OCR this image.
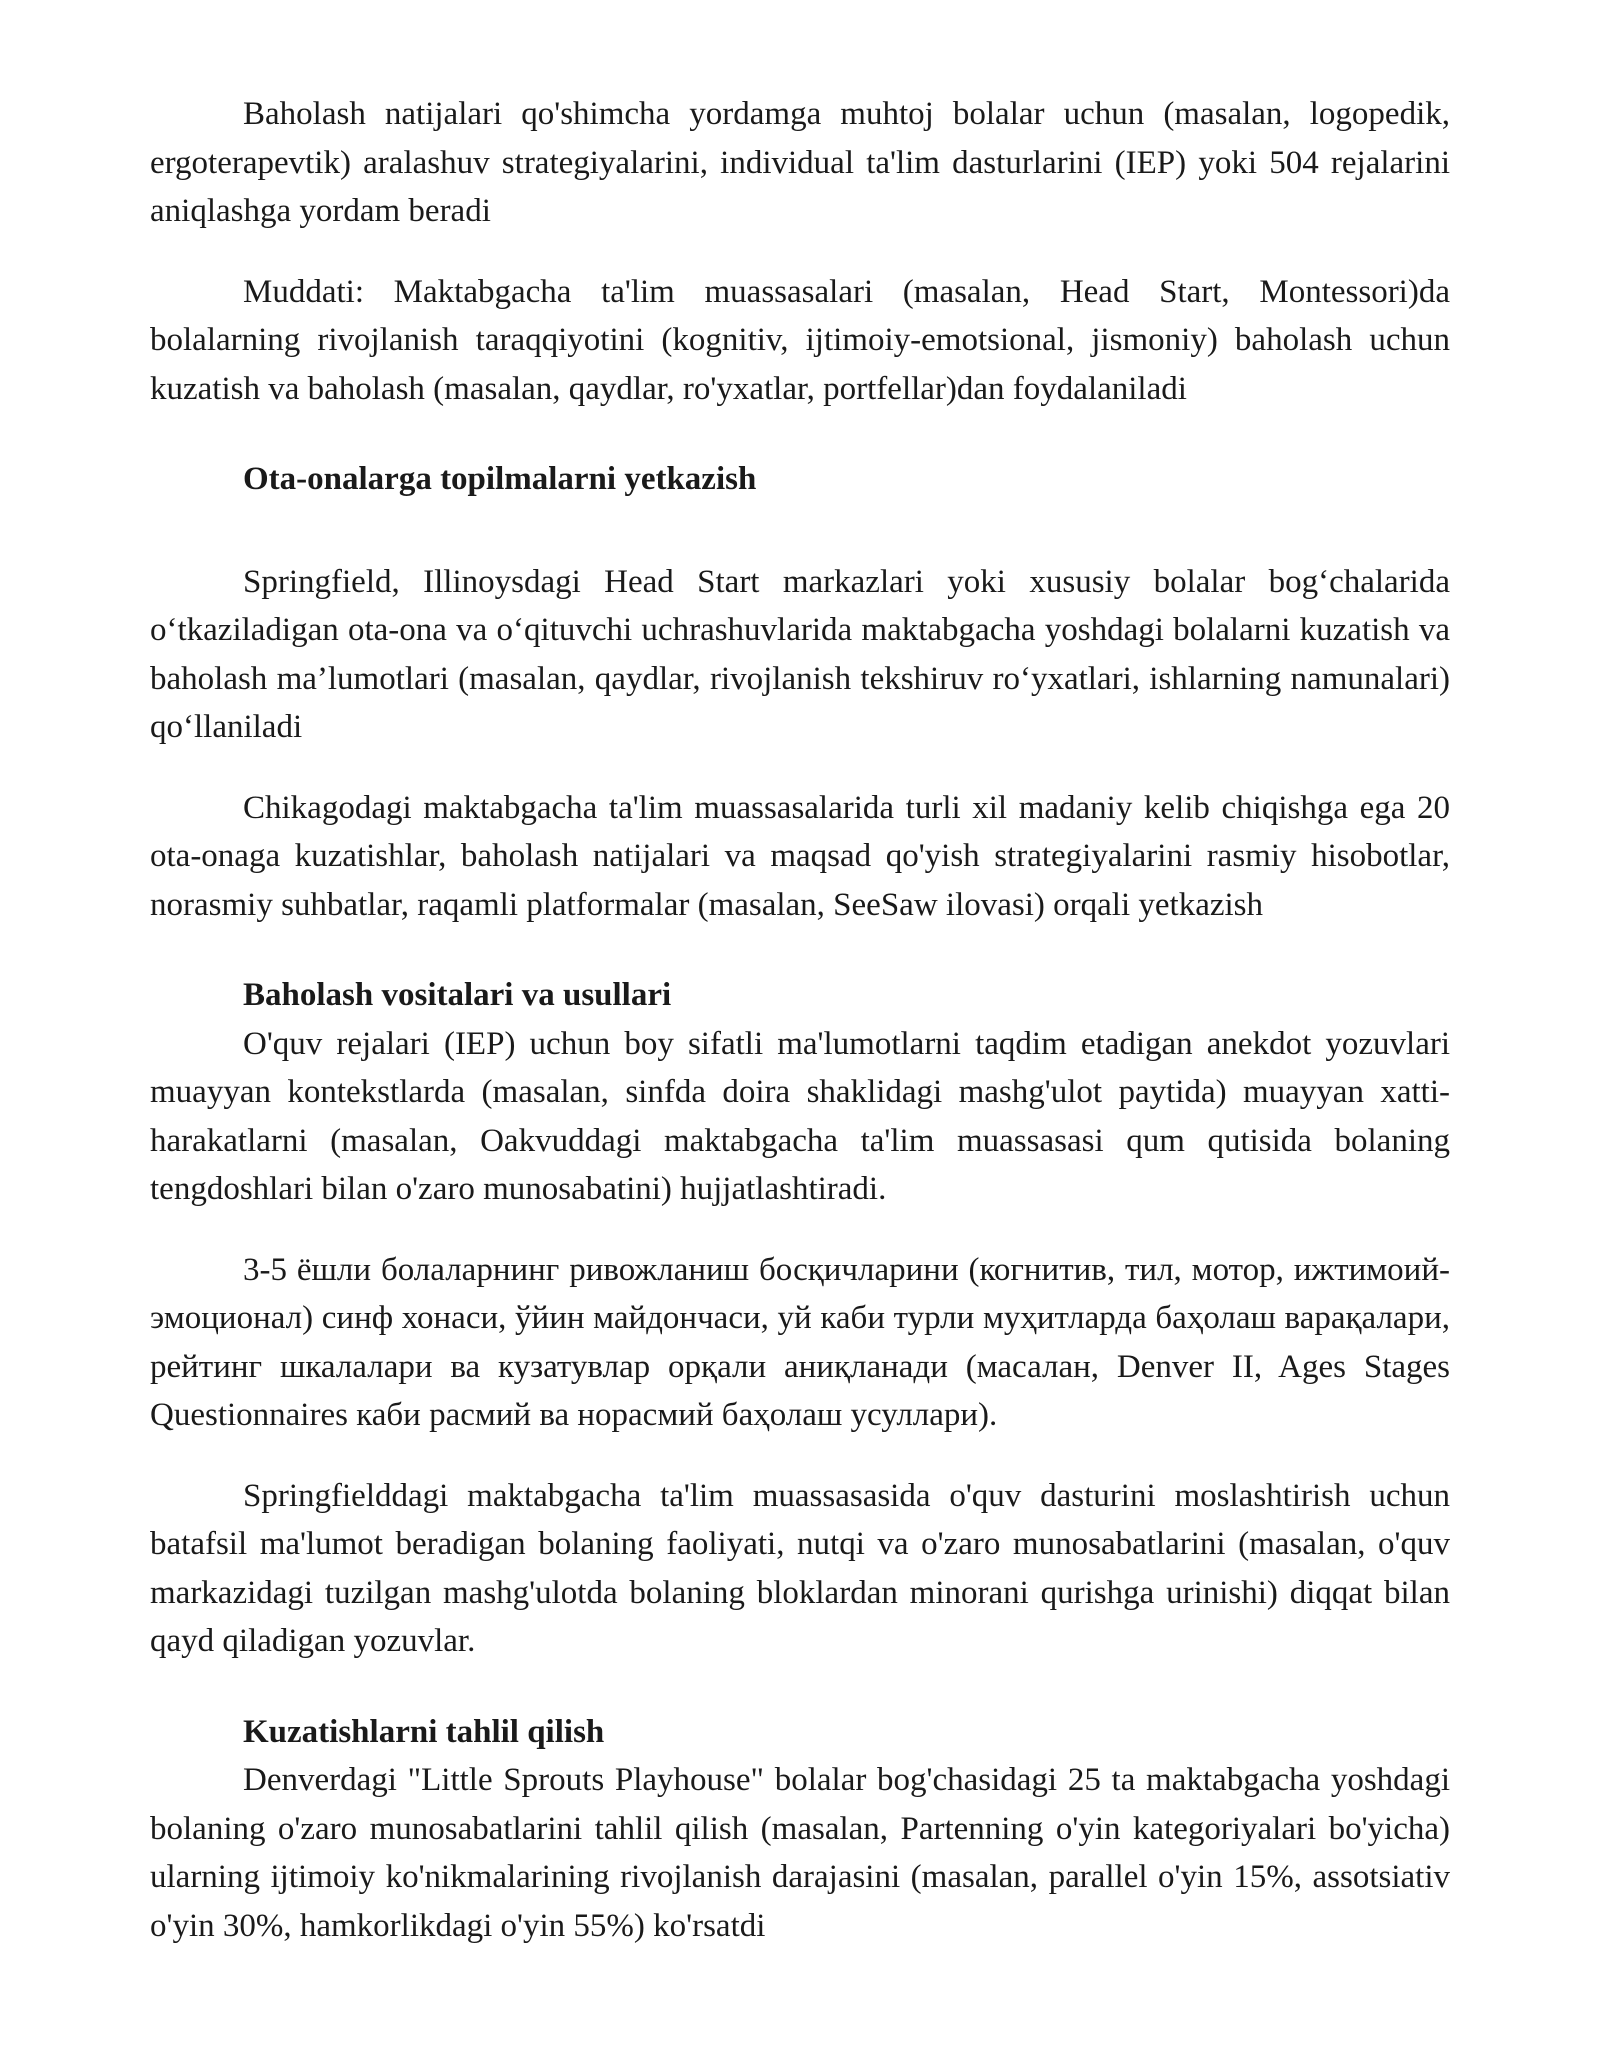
Baholash natijalari qo'shimcha yordamga muhtoj bolalar uchun (masalan, logopedik, ergoterapevtik) aralashuv strategiyalarini, individual ta'lim dasturlarini (IEP) yoki 504 rejalarini aniqlashga yordam beradi

Muddati: Maktabgacha ta'lim muassasalari (masalan, Head Start, Montessori)da bolalarning rivojlanish taraqqiyotini (kognitiv, ijtimoiy-emotsional, jismoniy) baholash uchun kuzatish va baholash (masalan, qaydlar, ro'yxatlar, portfellar)dan foydalaniladi

Ota-onalarga topilmalarni yetkazish

Springfield, Illinoysdagi Head Start markazlari yoki xususiy bolalar bog‘chalarida o‘tkaziladigan ota-ona va o‘qituvchi uchrashuvlarida maktabgacha yoshdagi bolalarni kuzatish va baholash ma’lumotlari (masalan, qaydlar, rivojlanish tekshiruv ro‘yxatlari, ishlarning namunalari) qo‘llaniladi

Chikagodagi maktabgacha ta'lim muassasalarida turli xil madaniy kelib chiqishga ega 20 ota-onaga kuzatishlar, baholash natijalari va maqsad qo'yish strategiyalarini rasmiy hisobotlar, norasmiy suhbatlar, raqamli platformalar (masalan, SeeSaw ilovasi) orqali yetkazish

Baholash vositalari va usullari

O'quv rejalari (IEP) uchun boy sifatli ma'lumotlarni taqdim etadigan anekdot yozuvlari muayyan kontekstlarda (masalan, sinfda doira shaklidagi mashg'ulot paytida) muayyan xatti-harakatlarni (masalan, Oakvuddagi maktabgacha ta'lim muassasasi qum qutisida bolaning tengdoshlari bilan o'zaro munosabatini) hujjatlashtiradi.

3-5 ёшли болаларнинг ривожланиш босқичларини (когнитив, тил, мотор, ижтимоий-эмоционал) синф хонаси, ўйин майдончаси, уй каби турли муҳитларда баҳолаш варақалари, рейтинг шкалалари ва кузатувлар орқали аниқланади (масалан, Denver II, Ages Stages Questionnaires каби расмий ва норасмий баҳолаш усуллари).

Springfielddagi maktabgacha ta'lim muassasasida o'quv dasturini moslashtirish uchun batafsil ma'lumot beradigan bolaning faoliyati, nutqi va o'zaro munosabatlarini (masalan, o'quv markazidagi tuzilgan mashg'ulotda bolaning bloklardan minorani qurishga urinishi) diqqat bilan qayd qiladigan yozuvlar.

Kuzatishlarni tahlil qilish

Denverdagi "Little Sprouts Playhouse" bolalar bog'chasidagi 25 ta maktabgacha yoshdagi bolaning o'zaro munosabatlarini tahlil qilish (masalan, Partenning o'yin kategoriyalari bo'yicha) ularning ijtimoiy ko'nikmalarining rivojlanish darajasini (masalan, parallel o'yin 15%, assotsiativ o'yin 30%, hamkorlikdagi o'yin 55%) ko'rsatdi
